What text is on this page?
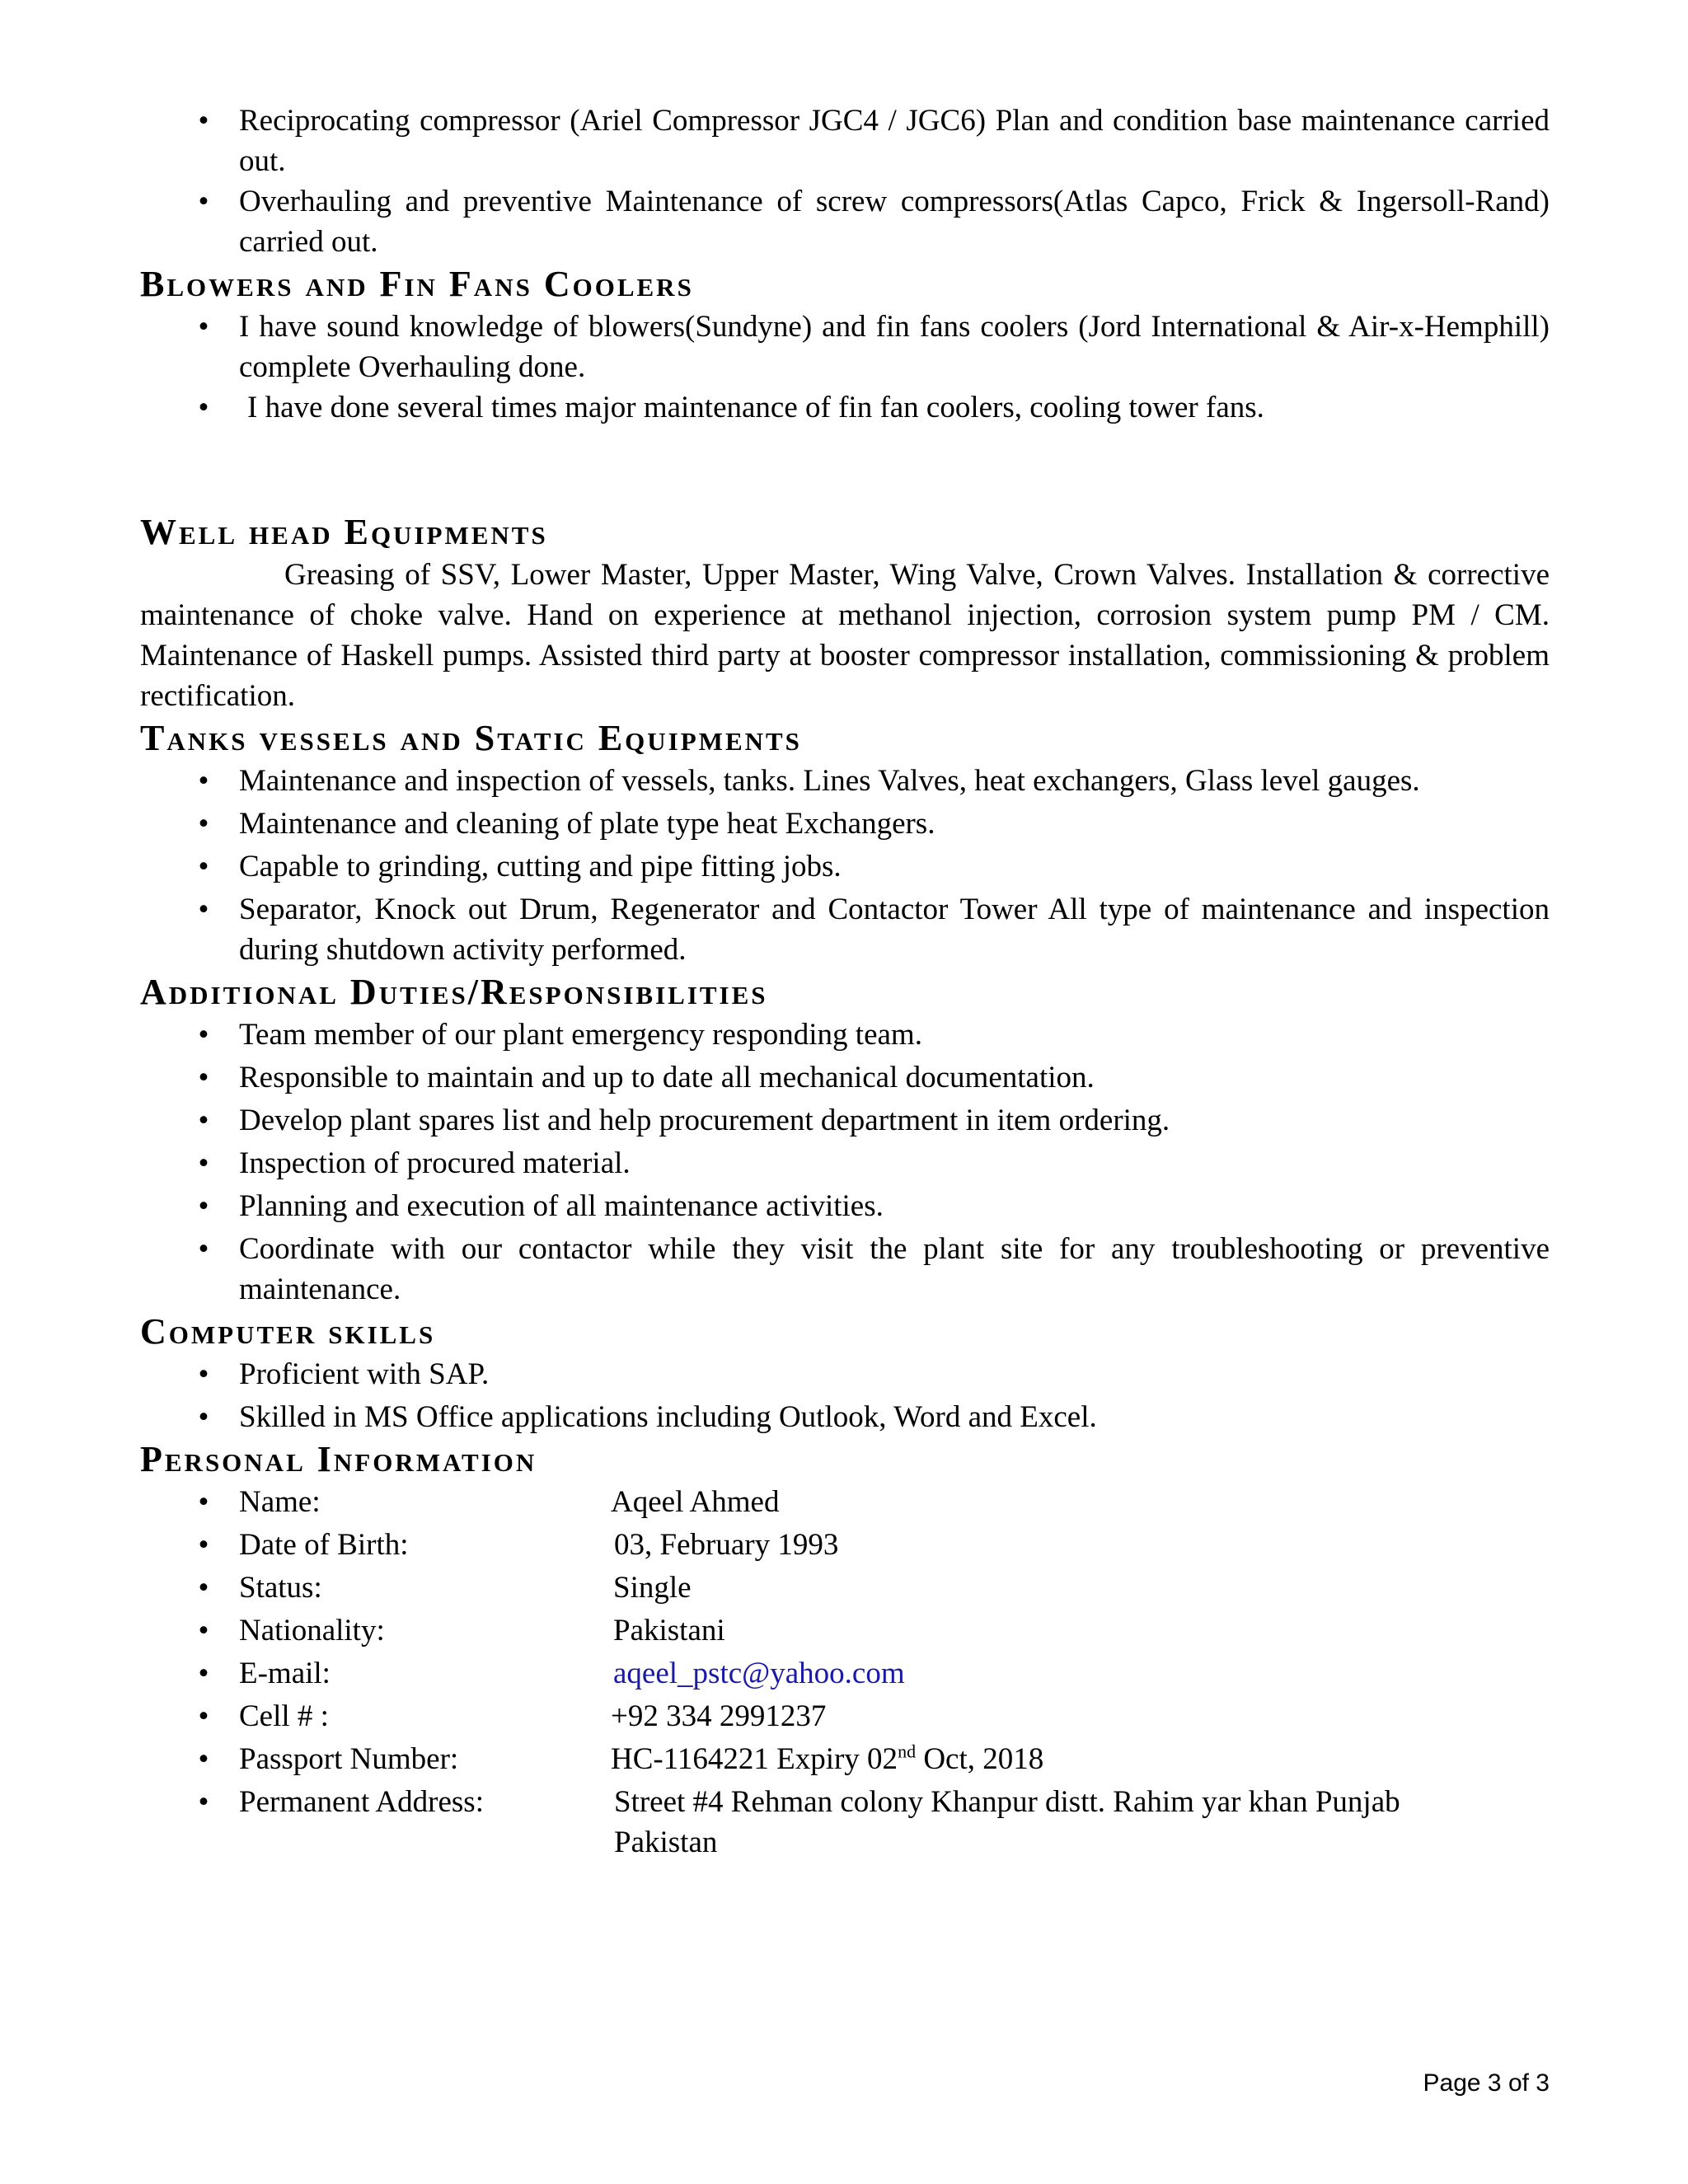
• Reciprocating compressor (Ariel Compressor JGC4 / JGC6) Plan and condition base maintenance carried out.
• Overhauling and preventive Maintenance of screw compressors(Atlas Capco, Frick & Ingersoll-Rand) carried out.
Blowers and Fin Fans Coolers
• I have sound knowledge of blowers(Sundyne) and fin fans coolers (Jord International & Air-x-Hemphill) complete Overhauling done.
• I have done several times major maintenance of fin fan coolers, cooling tower fans.
Well head Equipments

Greasing of SSV, Lower Master, Upper Master, Wing Valve, Crown Valves. Installation & corrective maintenance of choke valve. Hand on experience at methanol injection, corrosion system pump PM / CM. Maintenance of Haskell pumps. Assisted third party at booster compressor installation, commissioning & problem rectification.

Tanks vessels and Static Equipments
• Maintenance and inspection of vessels, tanks. Lines Valves, heat exchangers, Glass level gauges.
• Maintenance and cleaning of plate type heat Exchangers.
• Capable to grinding, cutting and pipe fitting jobs.
• Separator, Knock out Drum, Regenerator and Contactor Tower All type of maintenance and inspection during shutdown activity performed.
Additional Duties/Responsibilities
• Team member of our plant emergency responding team.
• Responsible to maintain and up to date all mechanical documentation.
• Develop plant spares list and help procurement department in item ordering.
• Inspection of procured material.
• Planning and execution of all maintenance activities.
• Coordinate with our contactor while they visit the plant site for any troubleshooting or preventive maintenance.
Computer skills
• Proficient with SAP.
• Skilled in MS Office applications including Outlook, Word and Excel.
Personal Information
• Name:	Aqeel Ahmed
• Date of Birth:	03, February 1993
• Status:	Single
• Nationality:	Pakistani
• E-mail:	aqeel_pstc@yahoo.com
• Cell # :	+92 334 2991237
• Passport Number:	HC-1164221 Expiry 02nd Oct, 2018
• Permanent Address:	Street #4 Rehman colony Khanpur distt. Rahim yar khan Punjab
Pakistan
Page 3 of 3
